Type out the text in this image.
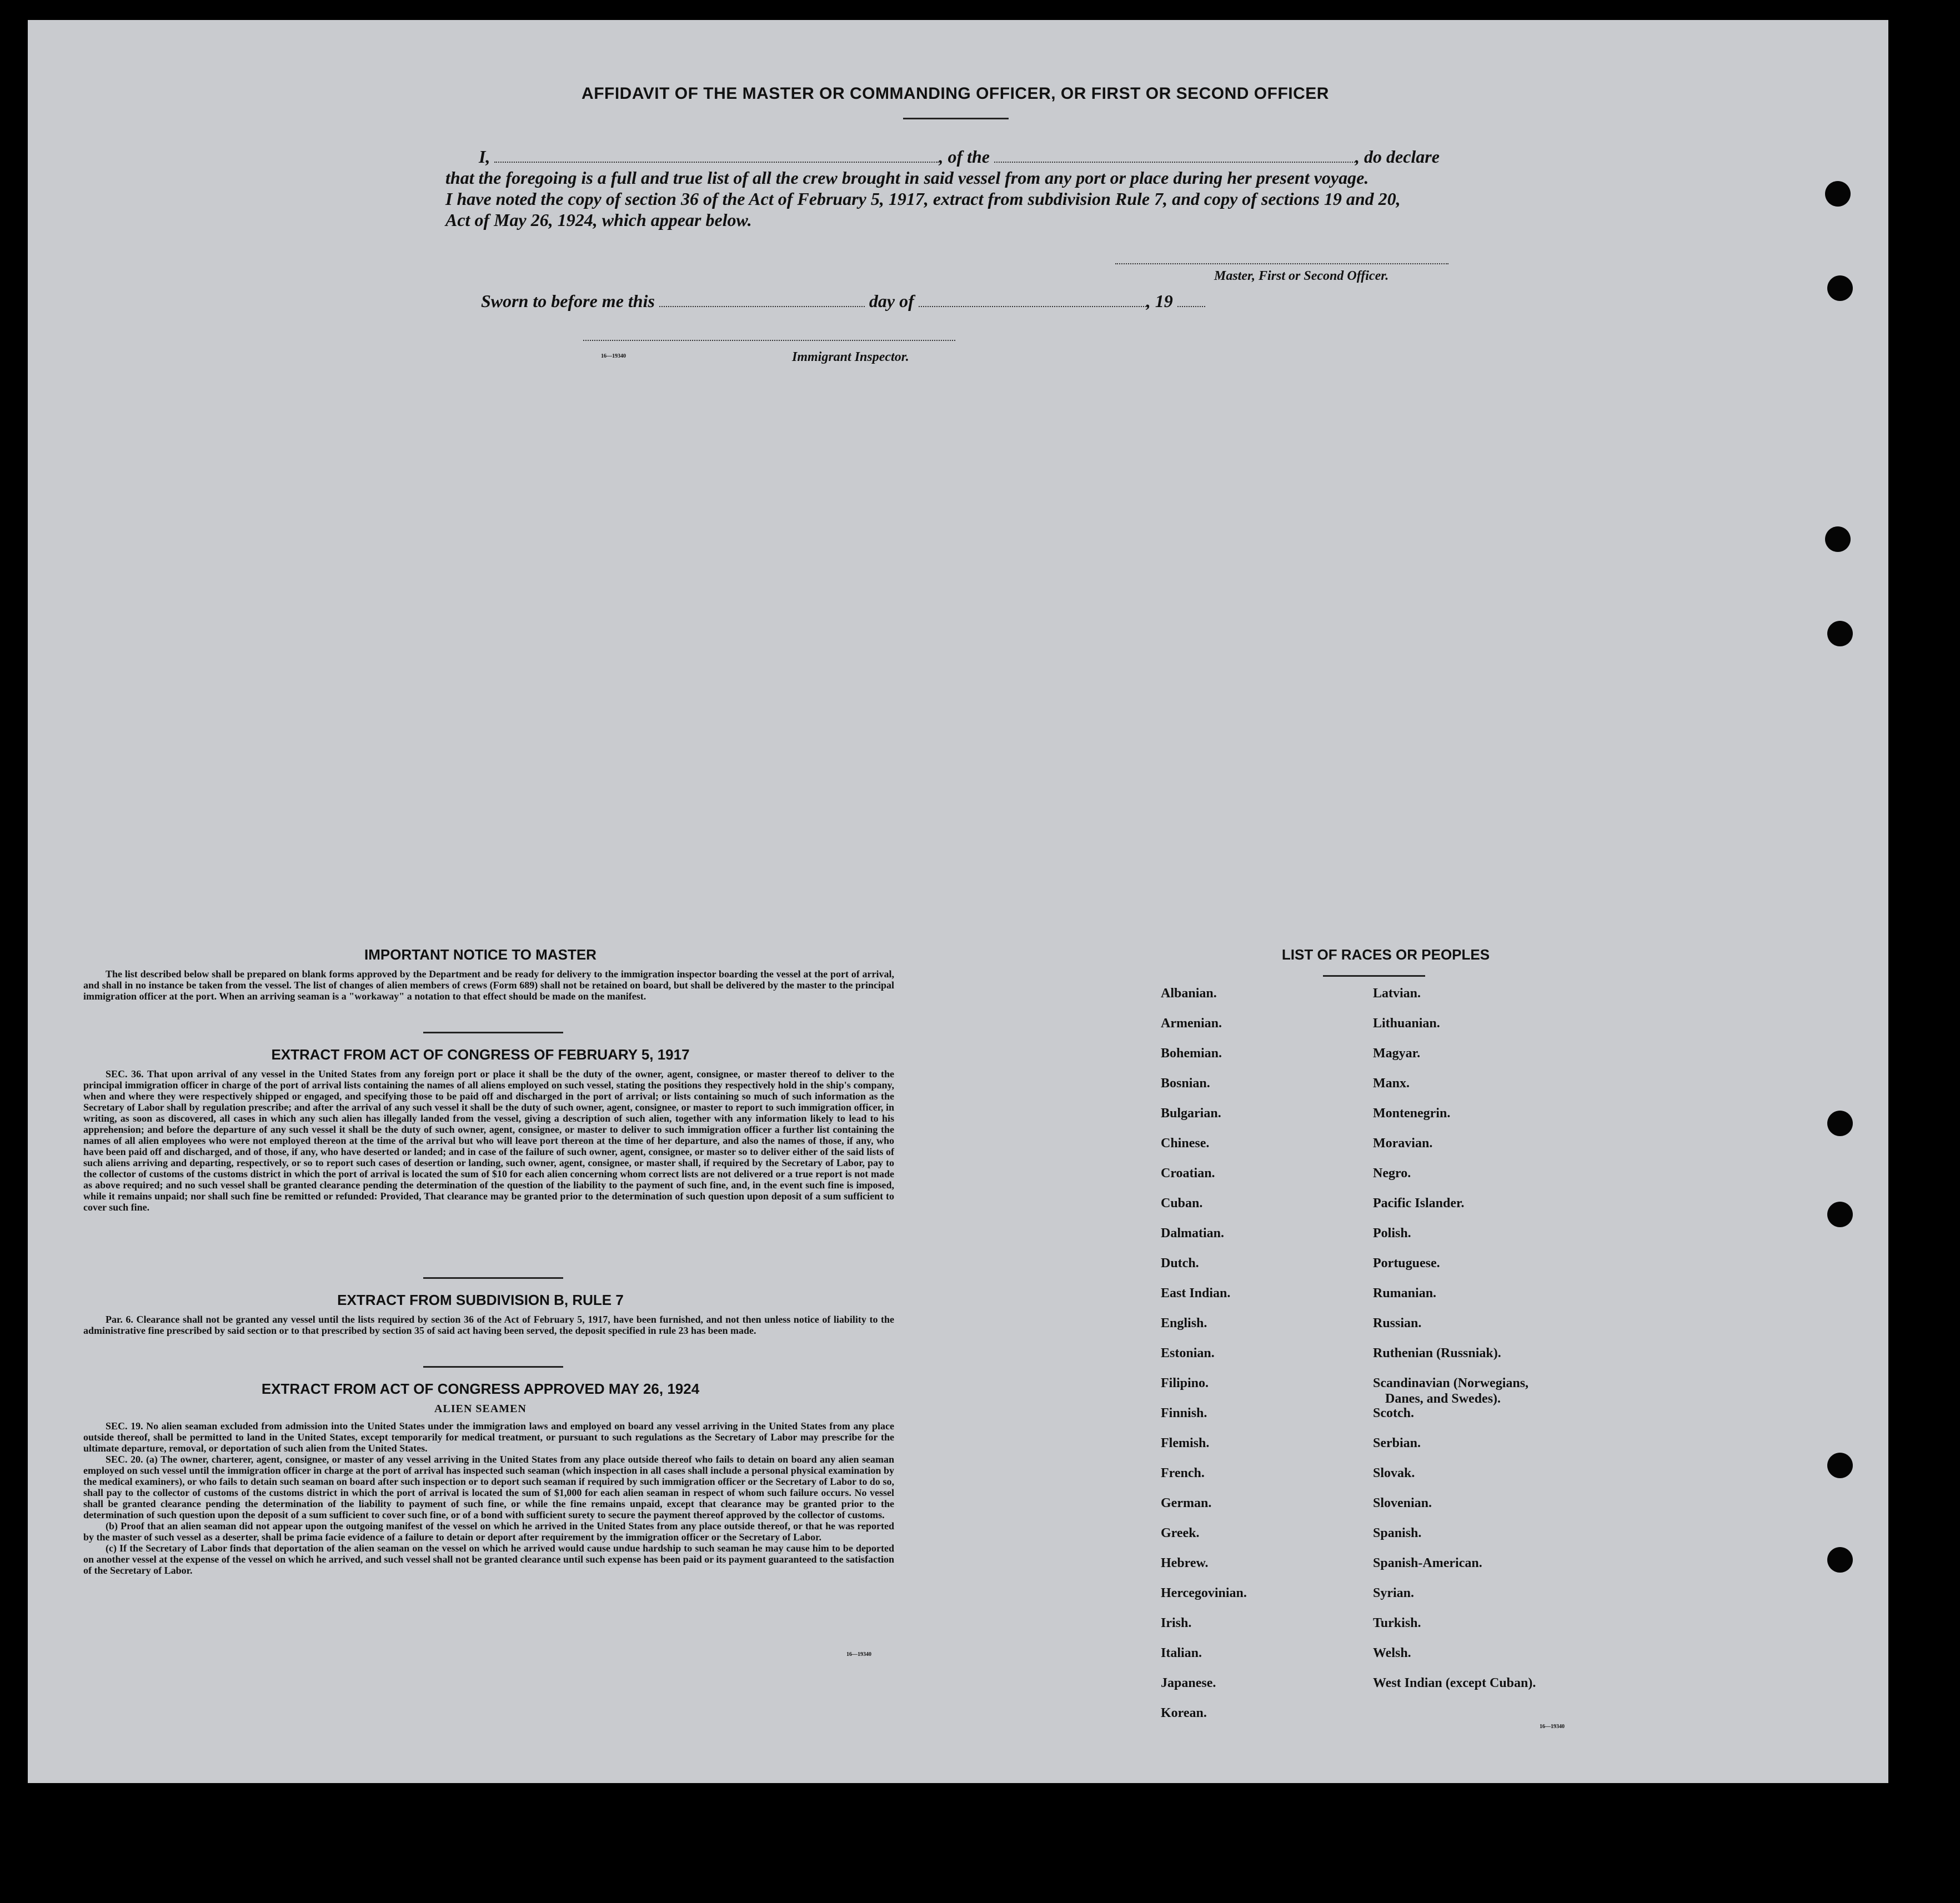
AFFIDAVIT OF THE MASTER OR COMMANDING OFFICER, OR FIRST OR SECOND OFFICER
I,	, of the	, do declare
that the foregoing is a full and true list of all the crew brought in said vessel from any port or place during her present voyage.
I have noted the copy of section 36 of the Act of February 5, 1917, extract from subdivision Rule 7, and copy of sections 19 and 20,
Act of May 26, 1924, which appear below.
Master, First or Second Officer.
Sworn to before me this	day of	, 19
16—19340	Immigrant Inspector.
IMPORTANT NOTICE TO MASTER

The list described below shall be prepared on blank forms approved by the Department and be ready for delivery to the immigration inspector boarding the vessel at the port of arrival, and shall in no instance be taken from the vessel. The list of changes of alien members of crews (Form 689) shall not be retained on board, but shall be delivered by the master to the principal immigration officer at the port. When an arriving seaman is a "workaway" a notation to that effect should be made on the manifest.

EXTRACT FROM ACT OF CONGRESS OF FEBRUARY 5, 1917

SEC. 36. That upon arrival of any vessel in the United States from any foreign port or place it shall be the duty of the owner, agent, consignee, or master thereof to deliver to the principal immigration officer in charge of the port of arrival lists containing the names of all aliens employed on such vessel, stating the positions they respectively hold in the ship's company, when and where they were respectively shipped or engaged, and specifying those to be paid off and discharged in the port of arrival; or lists containing so much of such information as the Secretary of Labor shall by regulation prescribe; and after the arrival of any such vessel it shall be the duty of such owner, agent, consignee, or master to report to such immigration officer, in writing, as soon as discovered, all cases in which any such alien has illegally landed from the vessel, giving a description of such alien, together with any information likely to lead to his apprehension; and before the departure of any such vessel it shall be the duty of such owner, agent, consignee, or master to deliver to such immigration officer a further list containing the names of all alien employees who were not employed thereon at the time of the arrival but who will leave port thereon at the time of her departure, and also the names of those, if any, who have been paid off and discharged, and of those, if any, who have deserted or landed; and in case of the failure of such owner, agent, consignee, or master so to deliver either of the said lists of such aliens arriving and departing, respectively, or so to report such cases of desertion or landing, such owner, agent, consignee, or master shall, if required by the Secretary of Labor, pay to the collector of customs of the customs district in which the port of arrival is located the sum of $10 for each alien concerning whom correct lists are not delivered or a true report is not made as above required; and no such vessel shall be granted clearance pending the determination of the question of the liability to the payment of such fine, and, in the event such fine is imposed, while it remains unpaid; nor shall such fine be remitted or refunded: Provided, That clearance may be granted prior to the determination of such question upon deposit of a sum sufficient to cover such fine.

EXTRACT FROM SUBDIVISION B, RULE 7

Par. 6. Clearance shall not be granted any vessel until the lists required by section 36 of the Act of February 5, 1917, have been furnished, and not then unless notice of liability to the administrative fine prescribed by said section or to that prescribed by section 35 of said act having been served, the deposit specified in rule 23 has been made.

EXTRACT FROM ACT OF CONGRESS APPROVED MAY 26, 1924
ALIEN SEAMEN

SEC. 19. No alien seaman excluded from admission into the United States under the immigration laws and employed on board any vessel arriving in the United States from any place outside thereof, shall be permitted to land in the United States, except temporarily for medical treatment, or pursuant to such regulations as the Secretary of Labor may prescribe for the ultimate departure, removal, or deportation of such alien from the United States.

SEC. 20. (a) The owner, charterer, agent, consignee, or master of any vessel arriving in the United States from any place outside thereof who fails to detain on board any alien seaman employed on such vessel until the immigration officer in charge at the port of arrival has inspected such seaman (which inspection in all cases shall include a personal physical examination by the medical examiners), or who fails to detain such seaman on board after such inspection or to deport such seaman if required by such immigration officer or the Secretary of Labor to do so, shall pay to the collector of customs of the customs district in which the port of arrival is located the sum of $1,000 for each alien seaman in respect of whom such failure occurs. No vessel shall be granted clearance pending the determination of the liability to payment of such fine, or while the fine remains unpaid, except that clearance may be granted prior to the determination of such question upon the deposit of a sum sufficient to cover such fine, or of a bond with sufficient surety to secure the payment thereof approved by the collector of customs.

(b) Proof that an alien seaman did not appear upon the outgoing manifest of the vessel on which he arrived in the United States from any place outside thereof, or that he was reported by the master of such vessel as a deserter, shall be prima facie evidence of a failure to detain or deport after requirement by the immigration officer or the Secretary of Labor.

(c) If the Secretary of Labor finds that deportation of the alien seaman on the vessel on which he arrived would cause undue hardship to such seaman he may cause him to be deported on another vessel at the expense of the vessel on which he arrived, and such vessel shall not be granted clearance until such expense has been paid or its payment guaranteed to the satisfaction of the Secretary of Labor.

16—19340
LIST OF RACES OR PEOPLES
Albanian.
Armenian.
Bohemian.
Bosnian.
Bulgarian.
Chinese.
Croatian.
Cuban.
Dalmatian.
Dutch.
East Indian.
English.
Estonian.
Filipino.
Finnish.
Flemish.
French.
German.
Greek.
Hebrew.
Hercegovinian.
Irish.
Italian.
Japanese.
Korean.
Latvian.
Lithuanian.
Magyar.
Manx.
Montenegrin.
Moravian.
Negro.
Pacific Islander.
Polish.
Portuguese.
Rumanian.
Russian.
Ruthenian (Russniak).
Scandinavian (Norwegians,
Danes, and Swedes).
Scotch.
Serbian.
Slovak.
Slovenian.
Spanish.
Spanish-American.
Syrian.
Turkish.
Welsh.
West Indian (except Cuban).
16—19340
